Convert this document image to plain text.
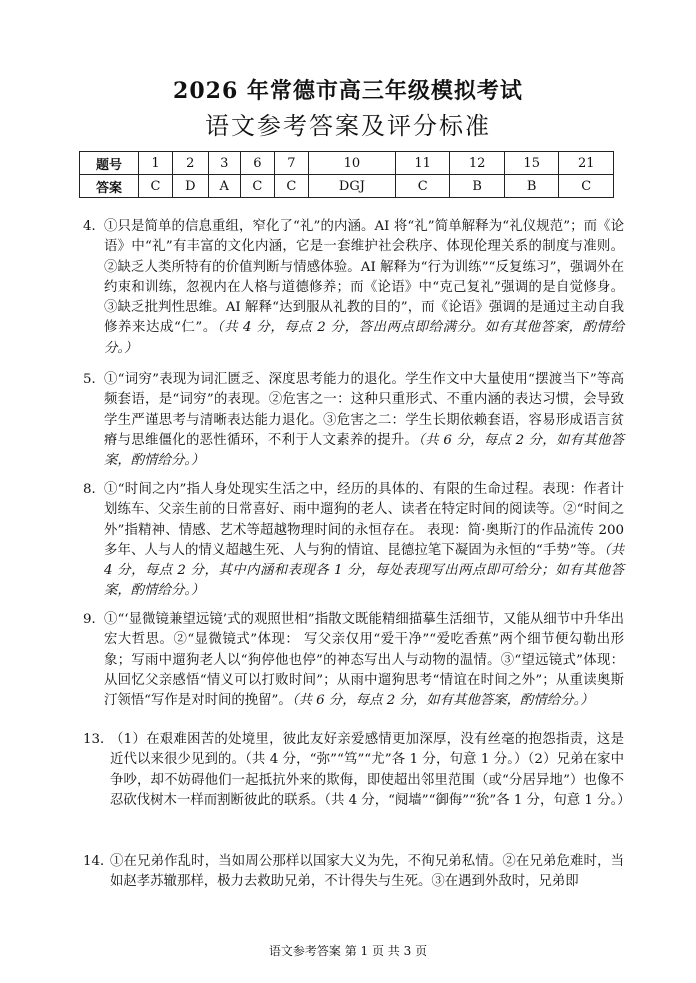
2026 年常德市高三年级模拟考试
语文参考答案及评分标准
题号	1	2	3	6	7	10	11	12	15	21
答案	C	D	A	C	C	DGJ	C	B	B	C
4． ①只是简单的信息重组，窄化了“礼”的内涵。AI 将“礼”简单解释为“礼仪规范”；而《论语》中“礼”有丰富的文化内涵，它是一套维护社会秩序、体现伦理关系的制度与准则。②缺乏人类所特有的价值判断与情感体验。AI 解释为“行为训练”“反复练习”，强调外在约束和训练，忽视内在人格与道德修养；而《论语》中“克己复礼”强调的是自觉修身。③缺乏批判性思维。AI 解释“达到服从礼教的目的”，而《论语》强调的是通过主动自我修养来达成“仁”。（共 4 分，每点 2 分，答出两点即给满分。如有其他答案，酌情给分。）
5． ①“词穷”表现为词汇匮乏、深度思考能力的退化。学生作文中大量使用“摆渡当下”等高频套语，是“词穷”的表现。②危害之一：这种只重形式、不重内涵的表达习惯，会导致学生严谨思考与清晰表达能力退化。③危害之二：学生长期依赖套语，容易形成语言贫瘠与思维僵化的恶性循环，不利于人文素养的提升。（共 6 分，每点 2 分，如有其他答案，酌情给分。）
8． ①“时间之内”指人身处现实生活之中，经历的具体的、有限的生命过程。表现：作者计划练车、父亲生前的日常喜好、雨中遛狗的老人、读者在特定时间的阅读等。②“时间之外”指精神、情感、艺术等超越物理时间的永恒存在。 表现：简·奥斯汀的作品流传 200 多年、人与人的情义超越生死、人与狗的情谊、昆德拉笔下凝固为永恒的“手势”等。（共 4 分，每点 2 分，其中内涵和表现各 1 分，每处表现写出两点即可给分；如有其他答案，酌情给分。）
9． ①“‘显微镜兼望远镜’式的观照世相”指散文既能精细描摹生活细节，又能从细节中升华出宏大哲思。②“显微镜式”体现： 写父亲仅用“爱干净”“爱吃香蕉”两个细节便勾勒出形象；写雨中遛狗老人以“狗停他也停”的神态写出人与动物的温情。③“望远镜式”体现： 从回忆父亲感悟“情义可以打败时间”；从雨中遛狗思考“情谊在时间之外”；从重读奥斯汀领悟“写作是对时间的挽留”。（共 6 分，每点 2 分，如有其他答案，酌情给分。）
13．
（1）在艰难困苦的处境里，彼此友好亲爱感情更加深厚，没有丝毫的抱怨指责，这是近代以来很少见到的。（共 4 分，“弥”“笃”“尤”各 1 分，句意 1 分。）（2）兄弟在家中争吵，却不妨碍他们一起抵抗外来的欺侮，即使超出邻里范围（或“分居异地”）也像不忍砍伐树木一样而割断彼此的联系。（共 4 分，“阋墙”“御侮”“狁”各 1 分，句意 1 分。）
14．
①在兄弟作乱时，当如周公那样以国家大义为先，不徇兄弟私情。②在兄弟危难时，当如赵孝苏辙那样，极力去救助兄弟，不计得失与生死。③在遇到外敌时，兄弟即
语文参考答案 第 1 页 共 3 页
